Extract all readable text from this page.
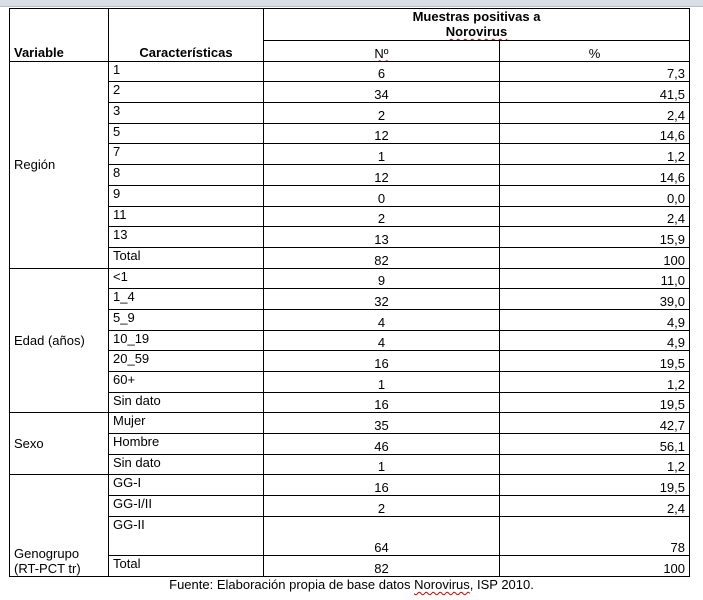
Variable	Características	Muestras positivas a
Norovirus	

		Nº	%
Región	1	6	7,3
	2	34	41,5
	3	2	2,4
	5	12	14,6
	7	1	1,2
	8	12	14,6
	9	0	0,0
	11	2	2,4
	13	13	15,9
	Total	82	100
Edad (años)	<1	9	11,0
	1_4	32	39,0
	5_9	4	4,9
	10_19	4	4,9
	20_59	16	19,5
	60+	1	1,2
	Sin dato	16	19,5
Sexo	Mujer	35	42,7
	Hombre	46	56,1
	Sin dato	1	1,2

Genogrupo
(RT-PCT tr)	GG-I	16	19,5
	GG-I/II	2	2,4
	GG-II	64	78
	Total	82	100
Fuente: Elaboración propia de base datos Norovirus, ISP 2010.
